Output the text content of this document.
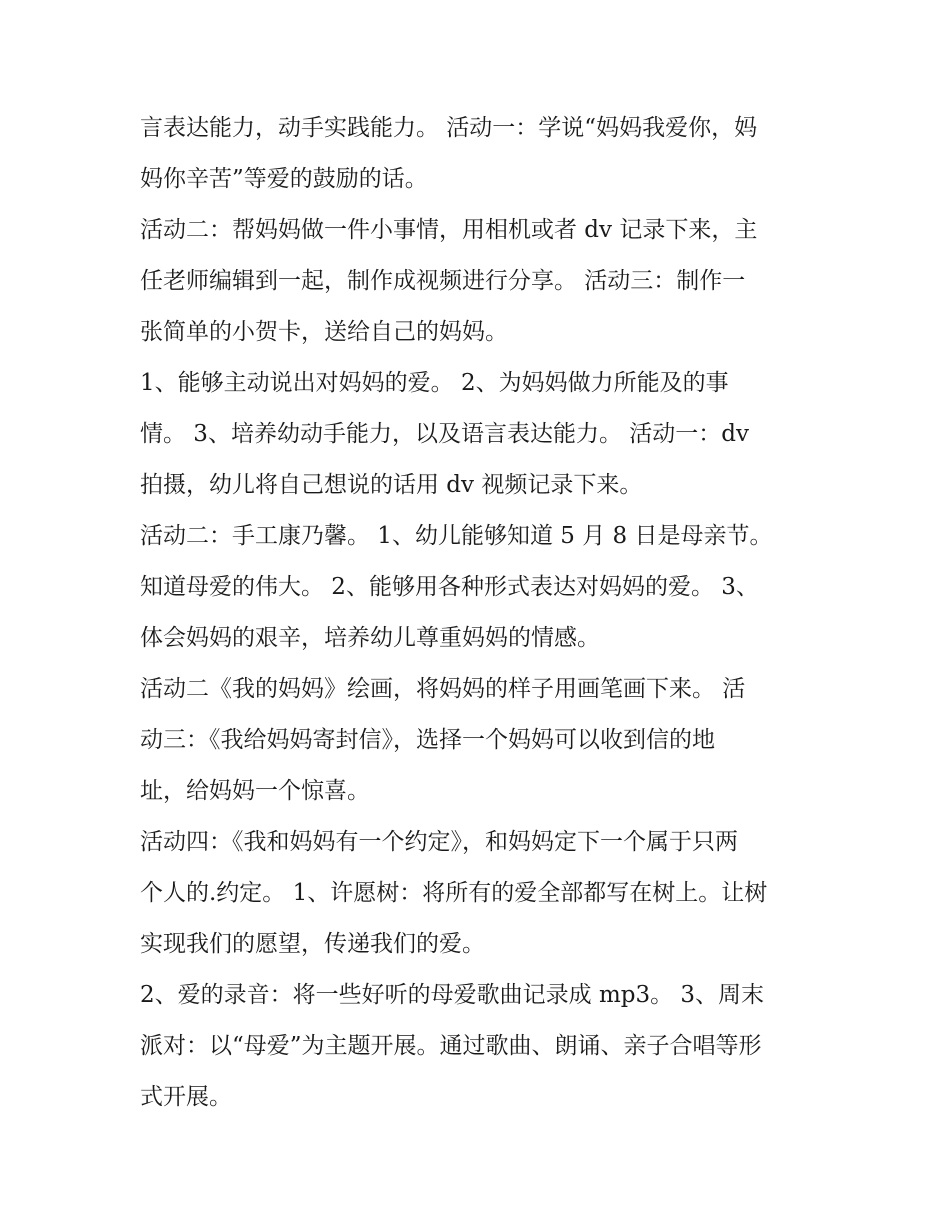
言表达能力，动手实践能力。 活动一：学说“妈妈我爱你，妈
妈你辛苦”等爱的鼓励的话。
活动二：帮妈妈做一件小事情，用相机或者 dv 记录下来，主
任老师编辑到一起，制作成视频进行分享。 活动三：制作一
张简单的小贺卡，送给自己的妈妈。
1、能够主动说出对妈妈的爱。 2、为妈妈做力所能及的事
情。 3、培养幼动手能力，以及语言表达能力。 活动一：dv
拍摄，幼儿将自己想说的话用 dv 视频记录下来。
活动二：手工康乃馨。 1、幼儿能够知道 5 月 8 日是母亲节。
知道母爱的伟大。 2、能够用各种形式表达对妈妈的爱。 3、
体会妈妈的艰辛，培养幼儿尊重妈妈的情感。
活动二《我的妈妈》绘画，将妈妈的样子用画笔画下来。 活
动三：《我给妈妈寄封信》，选择一个妈妈可以收到信的地
址，给妈妈一个惊喜。
活动四：《我和妈妈有一个约定》，和妈妈定下一个属于只两
个人的.约定。 1、许愿树：将所有的爱全部都写在树上。让树
实现我们的愿望，传递我们的爱。
2、爱的录音：将一些好听的母爱歌曲记录成 mp3。 3、周末
派对：以“母爱”为主题开展。通过歌曲、朗诵、亲子合唱等形
式开展。
